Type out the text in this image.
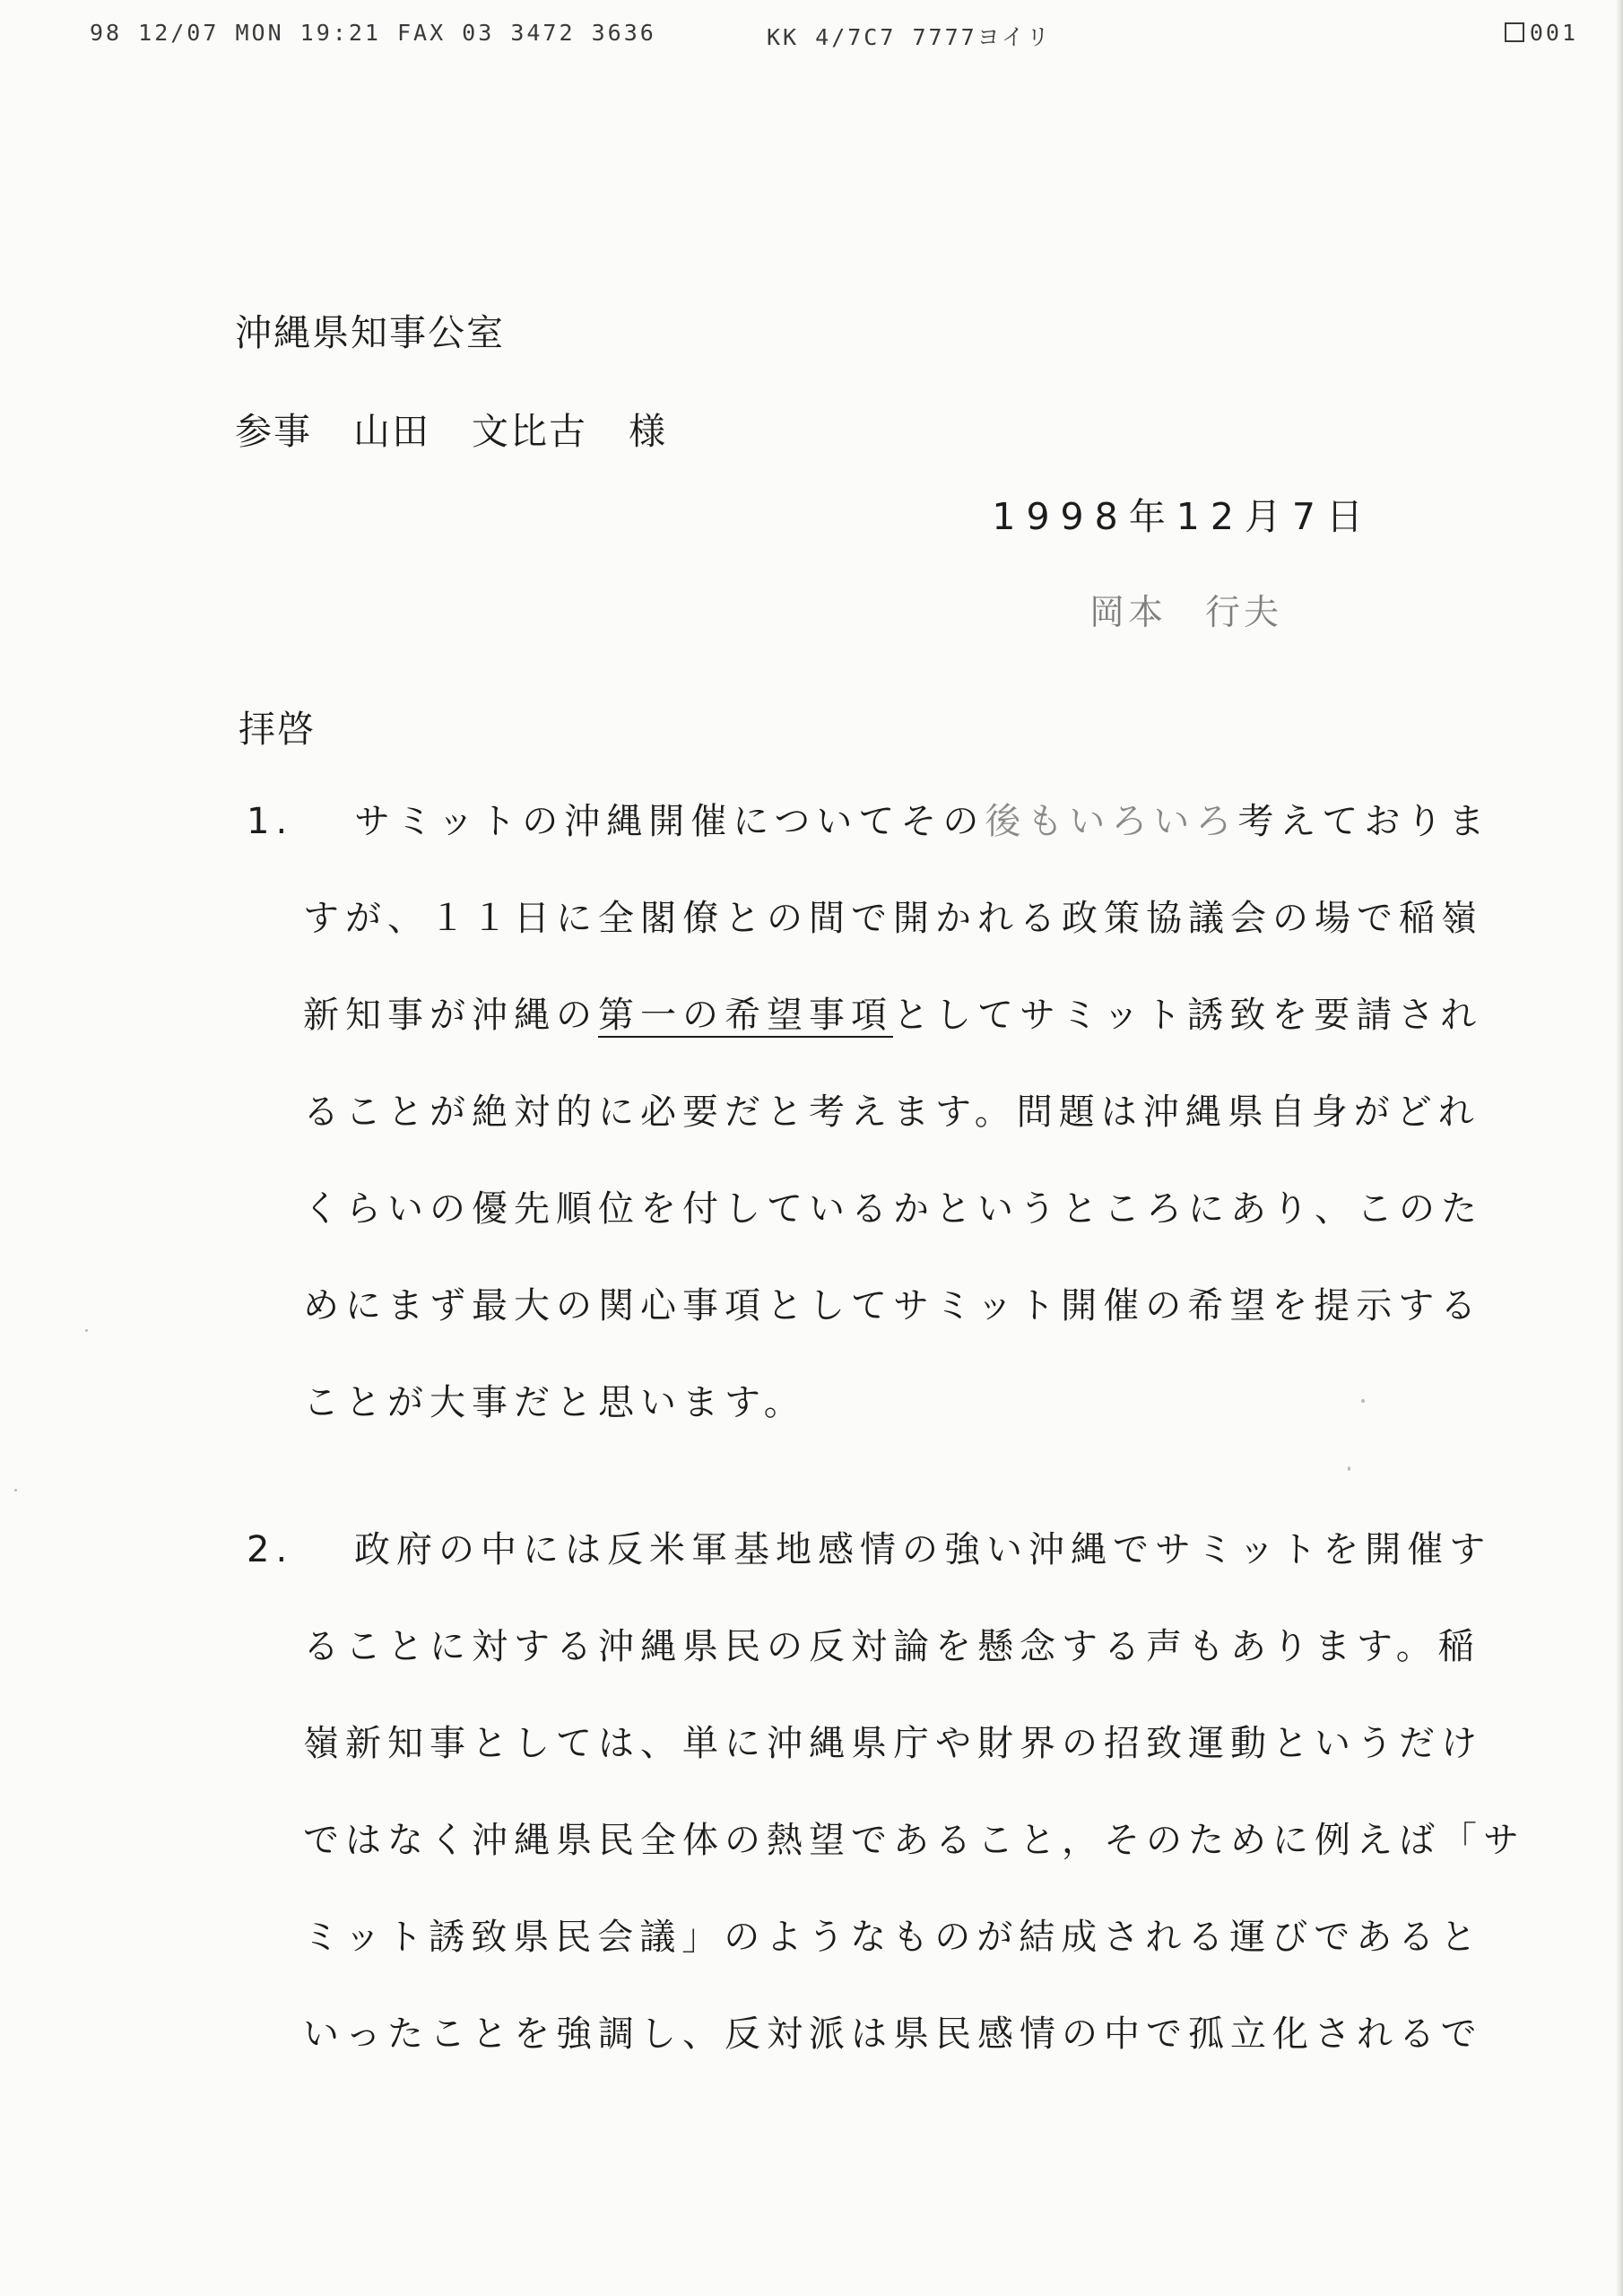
98 12/07 MON 19:21 FAX 03 3472 3636	KK 4/7C7 7777ヨイリ	001
沖縄県知事公室
参事 山田 文比古 様
1998年12月7日
岡本　行夫
拝啓
1. サミットの沖縄開催についてその後もいろいろ考えておりま
すが、１１日に全閣僚との間で開かれる政策協議会の場で稲嶺
新知事が沖縄の第一の希望事項としてサミット誘致を要請され
ることが絶対的に必要だと考えます。問題は沖縄県自身がどれ
くらいの優先順位を付しているかというところにあり、このた
めにまず最大の関心事項としてサミット開催の希望を提示する
ことが大事だと思います。
2. 政府の中には反米軍基地感情の強い沖縄でサミットを開催す
ることに対する沖縄県民の反対論を懸念する声もあります。稲
嶺新知事としては、単に沖縄県庁や財界の招致運動というだけ
ではなく沖縄県民全体の熱望であること，そのために例えば「サ
ミット誘致県民会議」のようなものが結成される運びであると
いったことを強調し、反対派は県民感情の中で孤立化されるで
